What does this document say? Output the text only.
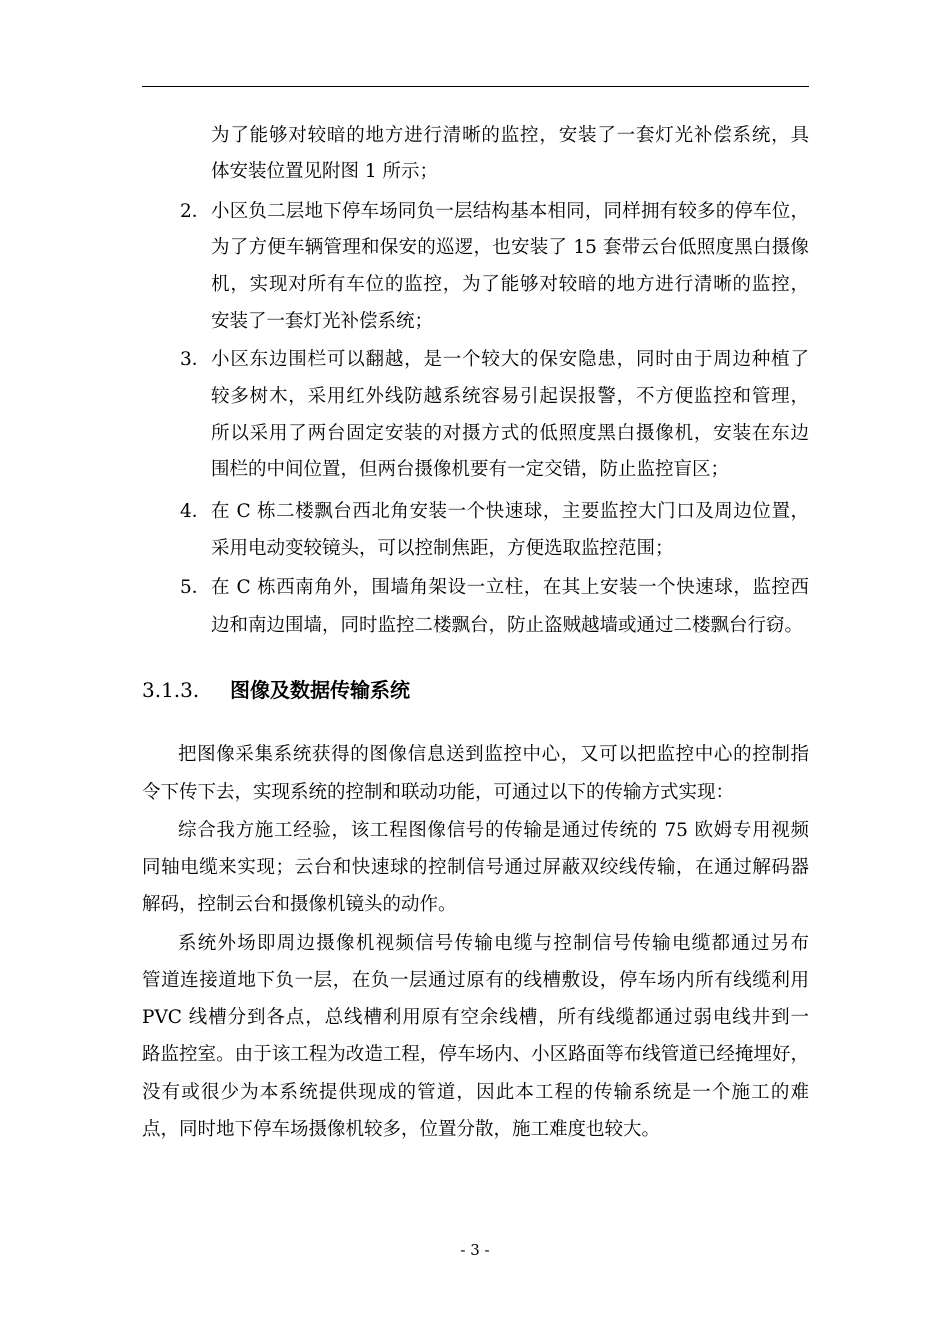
为了能够对较暗的地方进行清晰的监控，安装了一套灯光补偿系统，具
体安装位置见附图 1 所示；
2． 小区负二层地下停车场同负一层结构基本相同，同样拥有较多的停车位，
为了方便车辆管理和保安的巡逻，也安装了 15 套带云台低照度黑白摄像
机，实现对所有车位的监控，为了能够对较暗的地方进行清晰的监控，
安装了一套灯光补偿系统；
3． 小区东边围栏可以翻越，是一个较大的保安隐患，同时由于周边种植了
较多树木，采用红外线防越系统容易引起误报警，不方便监控和管理，
所以采用了两台固定安装的对摄方式的低照度黑白摄像机，安装在东边
围栏的中间位置，但两台摄像机要有一定交错，防止监控盲区；
4． 在 C 栋二楼飘台西北角安装一个快速球，主要监控大门口及周边位置，
采用电动变较镜头，可以控制焦距，方便选取监控范围；
5． 在 C 栋西南角外，围墙角架设一立柱，在其上安装一个快速球，监控西
边和南边围墙，同时监控二楼飘台，防止盗贼越墙或通过二楼飘台行窃。
3.1.3. 图像及数据传输系统
把图像采集系统获得的图像信息送到监控中心，又可以把监控中心的控制指
令下传下去，实现系统的控制和联动功能，可通过以下的传输方式实现：
综合我方施工经验，该工程图像信号的传输是通过传统的 75 欧姆专用视频
同轴电缆来实现；云台和快速球的控制信号通过屏蔽双绞线传输，在通过解码器
解码，控制云台和摄像机镜头的动作。
系统外场即周边摄像机视频信号传输电缆与控制信号传输电缆都通过另布
管道连接道地下负一层，在负一层通过原有的线槽敷设，停车场内所有线缆利用
PVC 线槽分到各点，总线槽利用原有空余线槽，所有线缆都通过弱电线井到一
路监控室。由于该工程为改造工程，停车场内、小区路面等布线管道已经掩埋好，
没有或很少为本系统提供现成的管道，因此本工程的传输系统是一个施工的难
点，同时地下停车场摄像机较多，位置分散，施工难度也较大。
- 3 -
